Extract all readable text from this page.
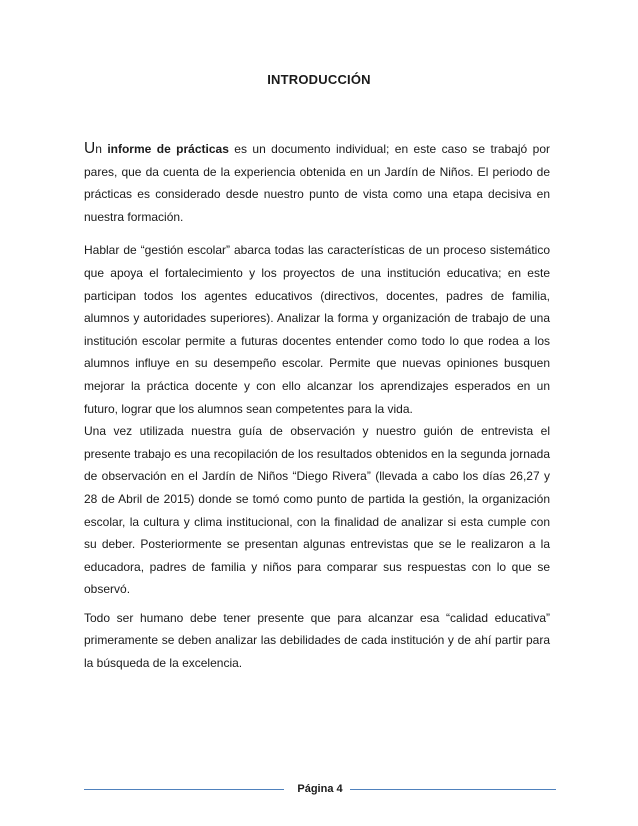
INTRODUCCIÓN

Un informe de prácticas es un documento individual; en este caso se trabajó por pares, que da cuenta de la experiencia obtenida en un Jardín de Niños. El periodo de prácticas es considerado desde nuestro punto de vista como una etapa decisiva en nuestra formación.

Hablar de “gestión escolar” abarca todas las características de un proceso sistemático que apoya el fortalecimiento y los proyectos de una institución educativa; en este participan todos los agentes educativos (directivos, docentes, padres de familia, alumnos y autoridades superiores). Analizar la forma y organización de trabajo de una institución escolar permite a futuras docentes entender como todo lo que rodea a los alumnos influye en su desempeño escolar. Permite que nuevas opiniones busquen mejorar la práctica docente y con ello alcanzar los aprendizajes esperados en un futuro, lograr que los alumnos sean competentes para la vida.

Una vez utilizada nuestra guía de observación y nuestro guión de entrevista el presente trabajo es una recopilación de los resultados obtenidos en la segunda jornada de observación en el Jardín de Niños “Diego Rivera” (llevada a cabo los días 26,27 y 28 de Abril de 2015) donde se tomó como punto de partida la gestión, la organización escolar, la cultura y clima institucional, con la finalidad de analizar si esta cumple con su deber. Posteriormente se presentan algunas entrevistas que se le realizaron a la educadora, padres de familia y niños para comparar sus respuestas con lo que se observó.

Todo ser humano debe tener presente que para alcanzar esa “calidad educativa” primeramente se deben analizar las debilidades de cada institución y de ahí partir para la búsqueda de la excelencia.

Página 4
